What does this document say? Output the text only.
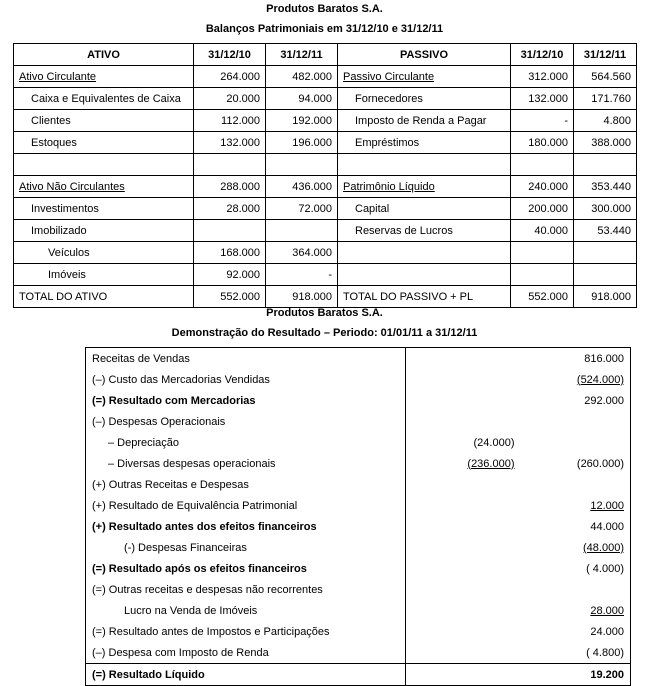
Produtos Baratos S.A.
Balanços Patrimoniais em 31/12/10 e 31/12/11
ATIVO	31/12/10	31/12/11	PASSIVO	31/12/10	31/12/11
Ativo Circulante	264.000	482.000	Passivo Circulante	312.000	564.560
Caixa e Equivalentes de Caixa	20.000	94.000	Fornecedores	132.000	171.760
Clientes	112.000	192.000	Imposto de Renda a Pagar	-	4.800
Estoques	132.000	196.000	Empréstimos	180.000	388.000

Ativo Não Circulantes	288.000	436.000	Patrimônio Líquido	240.000	353.440
Investimentos	28.000	72.000	Capital	200.000	300.000
Imobilizado			Reservas de Lucros	40.000	53.440
Veículos	168.000	364.000			
Imóveis	92.000	-			
TOTAL DO ATIVO	552.000	918.000	TOTAL DO PASSIVO + PL	552.000	918.000
Produtos Baratos S.A.
Demonstração do Resultado – Periodo: 01/01/11 a 31/12/11
Receitas de Vendas		816.000
(–) Custo das Mercadorias Vendidas		(524.000)
(=) Resultado com Mercadorias		292.000
(–) Despesas Operacionais		
– Depreciação	(24.000)	
– Diversas despesas operacionais	(236.000)	(260.000)
(+) Outras Receitas e Despesas		
(+) Resultado de Equivalência Patrimonial		12.000
(+) Resultado antes dos efeitos financeiros		44.000
(-) Despesas Financeiras		(48.000)
(=) Resultado após os efeitos financeiros		( 4.000)
(=) Outras receitas e despesas não recorrentes		
Lucro na Venda de Imóveis		28.000
(=) Resultado antes de Impostos e Participações		24.000
(–) Despesa com Imposto de Renda		( 4.800)
(=) Resultado Líquido		19.200
